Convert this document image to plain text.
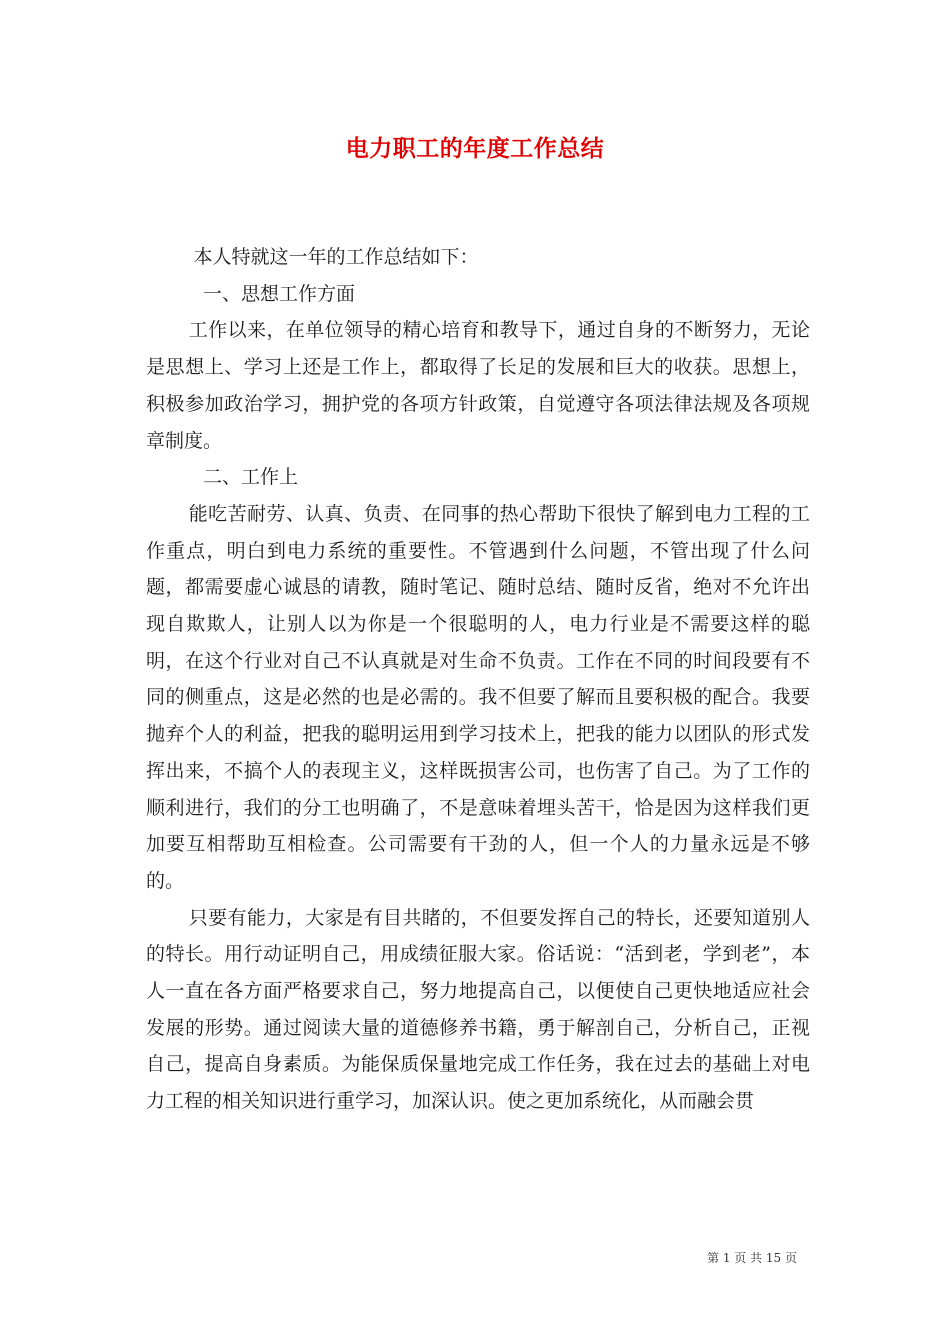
电力职工的年度工作总结

本人特就这一年的工作总结如下：

一、思想工作方面

工作以来，在单位领导的精心培育和教导下，通过自身的不断努力，无论是思想上、学习上还是工作上，都取得了长足的发展和巨大的收获。思想上，积极参加政治学习，拥护党的各项方针政策，自觉遵守各项法律法规及各项规章制度。

二、工作上

能吃苦耐劳、认真、负责、在同事的热心帮助下很快了解到电力工程的工作重点，明白到电力系统的重要性。不管遇到什么问题，不管出现了什么问题，都需要虚心诚恳的请教，随时笔记、随时总结、随时反省，绝对不允许出现自欺欺人，让别人以为你是一个很聪明的人，电力行业是不需要这样的聪明，在这个行业对自己不认真就是对生命不负责。工作在不同的时间段要有不同的侧重点，这是必然的也是必需的。我不但要了解而且要积极的配合。我要抛弃个人的利益，把我的聪明运用到学习技术上，把我的能力以团队的形式发挥出来，不搞个人的表现主义，这样既损害公司，也伤害了自己。为了工作的顺利进行，我们的分工也明确了，不是意味着埋头苦干，恰是因为这样我们更加要互相帮助互相检查。公司需要有干劲的人，但一个人的力量永远是不够的。

只要有能力，大家是有目共睹的，不但要发挥自己的特长，还要知道别人的特长。用行动证明自己，用成绩征服大家。俗话说：“活到老，学到老”，本人一直在各方面严格要求自己，努力地提高自己，以便使自己更快地适应社会发展的形势。通过阅读大量的道德修养书籍，勇于解剖自己，分析自己，正视自己，提高自身素质。为能保质保量地完成工作任务，我在过去的基础上对电力工程的相关知识进行重学习，加深认识。使之更加系统化，从而融会贯

第 1 页 共 15 页
